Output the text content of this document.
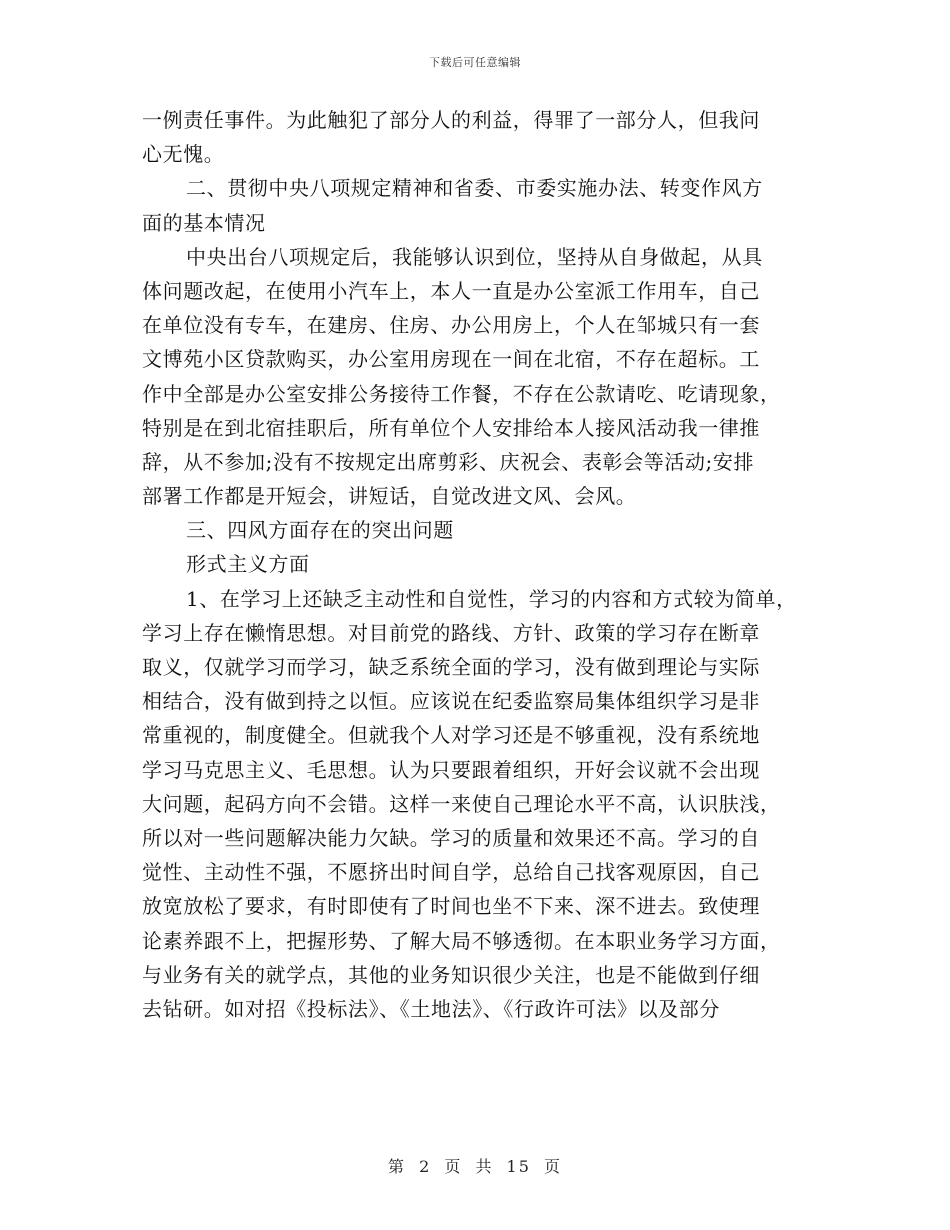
下载后可任意编辑
一例责任事件。为此触犯了部分人的利益，得罪了一部分人，但我问
心无愧。
二、贯彻中央八项规定精神和省委、市委实施办法、转变作风方
面的基本情况
中央出台八项规定后，我能够认识到位，坚持从自身做起，从具
体问题改起，在使用小汽车上，本人一直是办公室派工作用车，自己
在单位没有专车，在建房、住房、办公用房上，个人在邹城只有一套
文博苑小区贷款购买，办公室用房现在一间在北宿，不存在超标。工
作中全部是办公室安排公务接待工作餐，不存在公款请吃、吃请现象，
特别是在到北宿挂职后，所有单位个人安排给本人接风活动我一律推
辞，从不参加;没有不按规定出席剪彩、庆祝会、表彰会等活动;安排
部署工作都是开短会，讲短话，自觉改进文风、会风。
三、四风方面存在的突出问题
形式主义方面
1、在学习上还缺乏主动性和自觉性，学习的内容和方式较为简单，
学习上存在懒惰思想。对目前党的路线、方针、政策的学习存在断章
取义，仅就学习而学习，缺乏系统全面的学习，没有做到理论与实际
相结合，没有做到持之以恒。应该说在纪委监察局集体组织学习是非
常重视的，制度健全。但就我个人对学习还是不够重视，没有系统地
学习马克思主义、毛思想。认为只要跟着组织，开好会议就不会出现
大问题，起码方向不会错。这样一来使自己理论水平不高，认识肤浅，
所以对一些问题解决能力欠缺。学习的质量和效果还不高。学习的自
觉性、主动性不强，不愿挤出时间自学，总给自己找客观原因，自己
放宽放松了要求，有时即使有了时间也坐不下来、深不进去。致使理
论素养跟不上，把握形势、了解大局不够透彻。在本职业务学习方面，
与业务有关的就学点，其他的业务知识很少关注，也是不能做到仔细
去钻研。如对招《投标法》、《土地法》、《行政许可法》以及部分
第 2 页 共 15 页
